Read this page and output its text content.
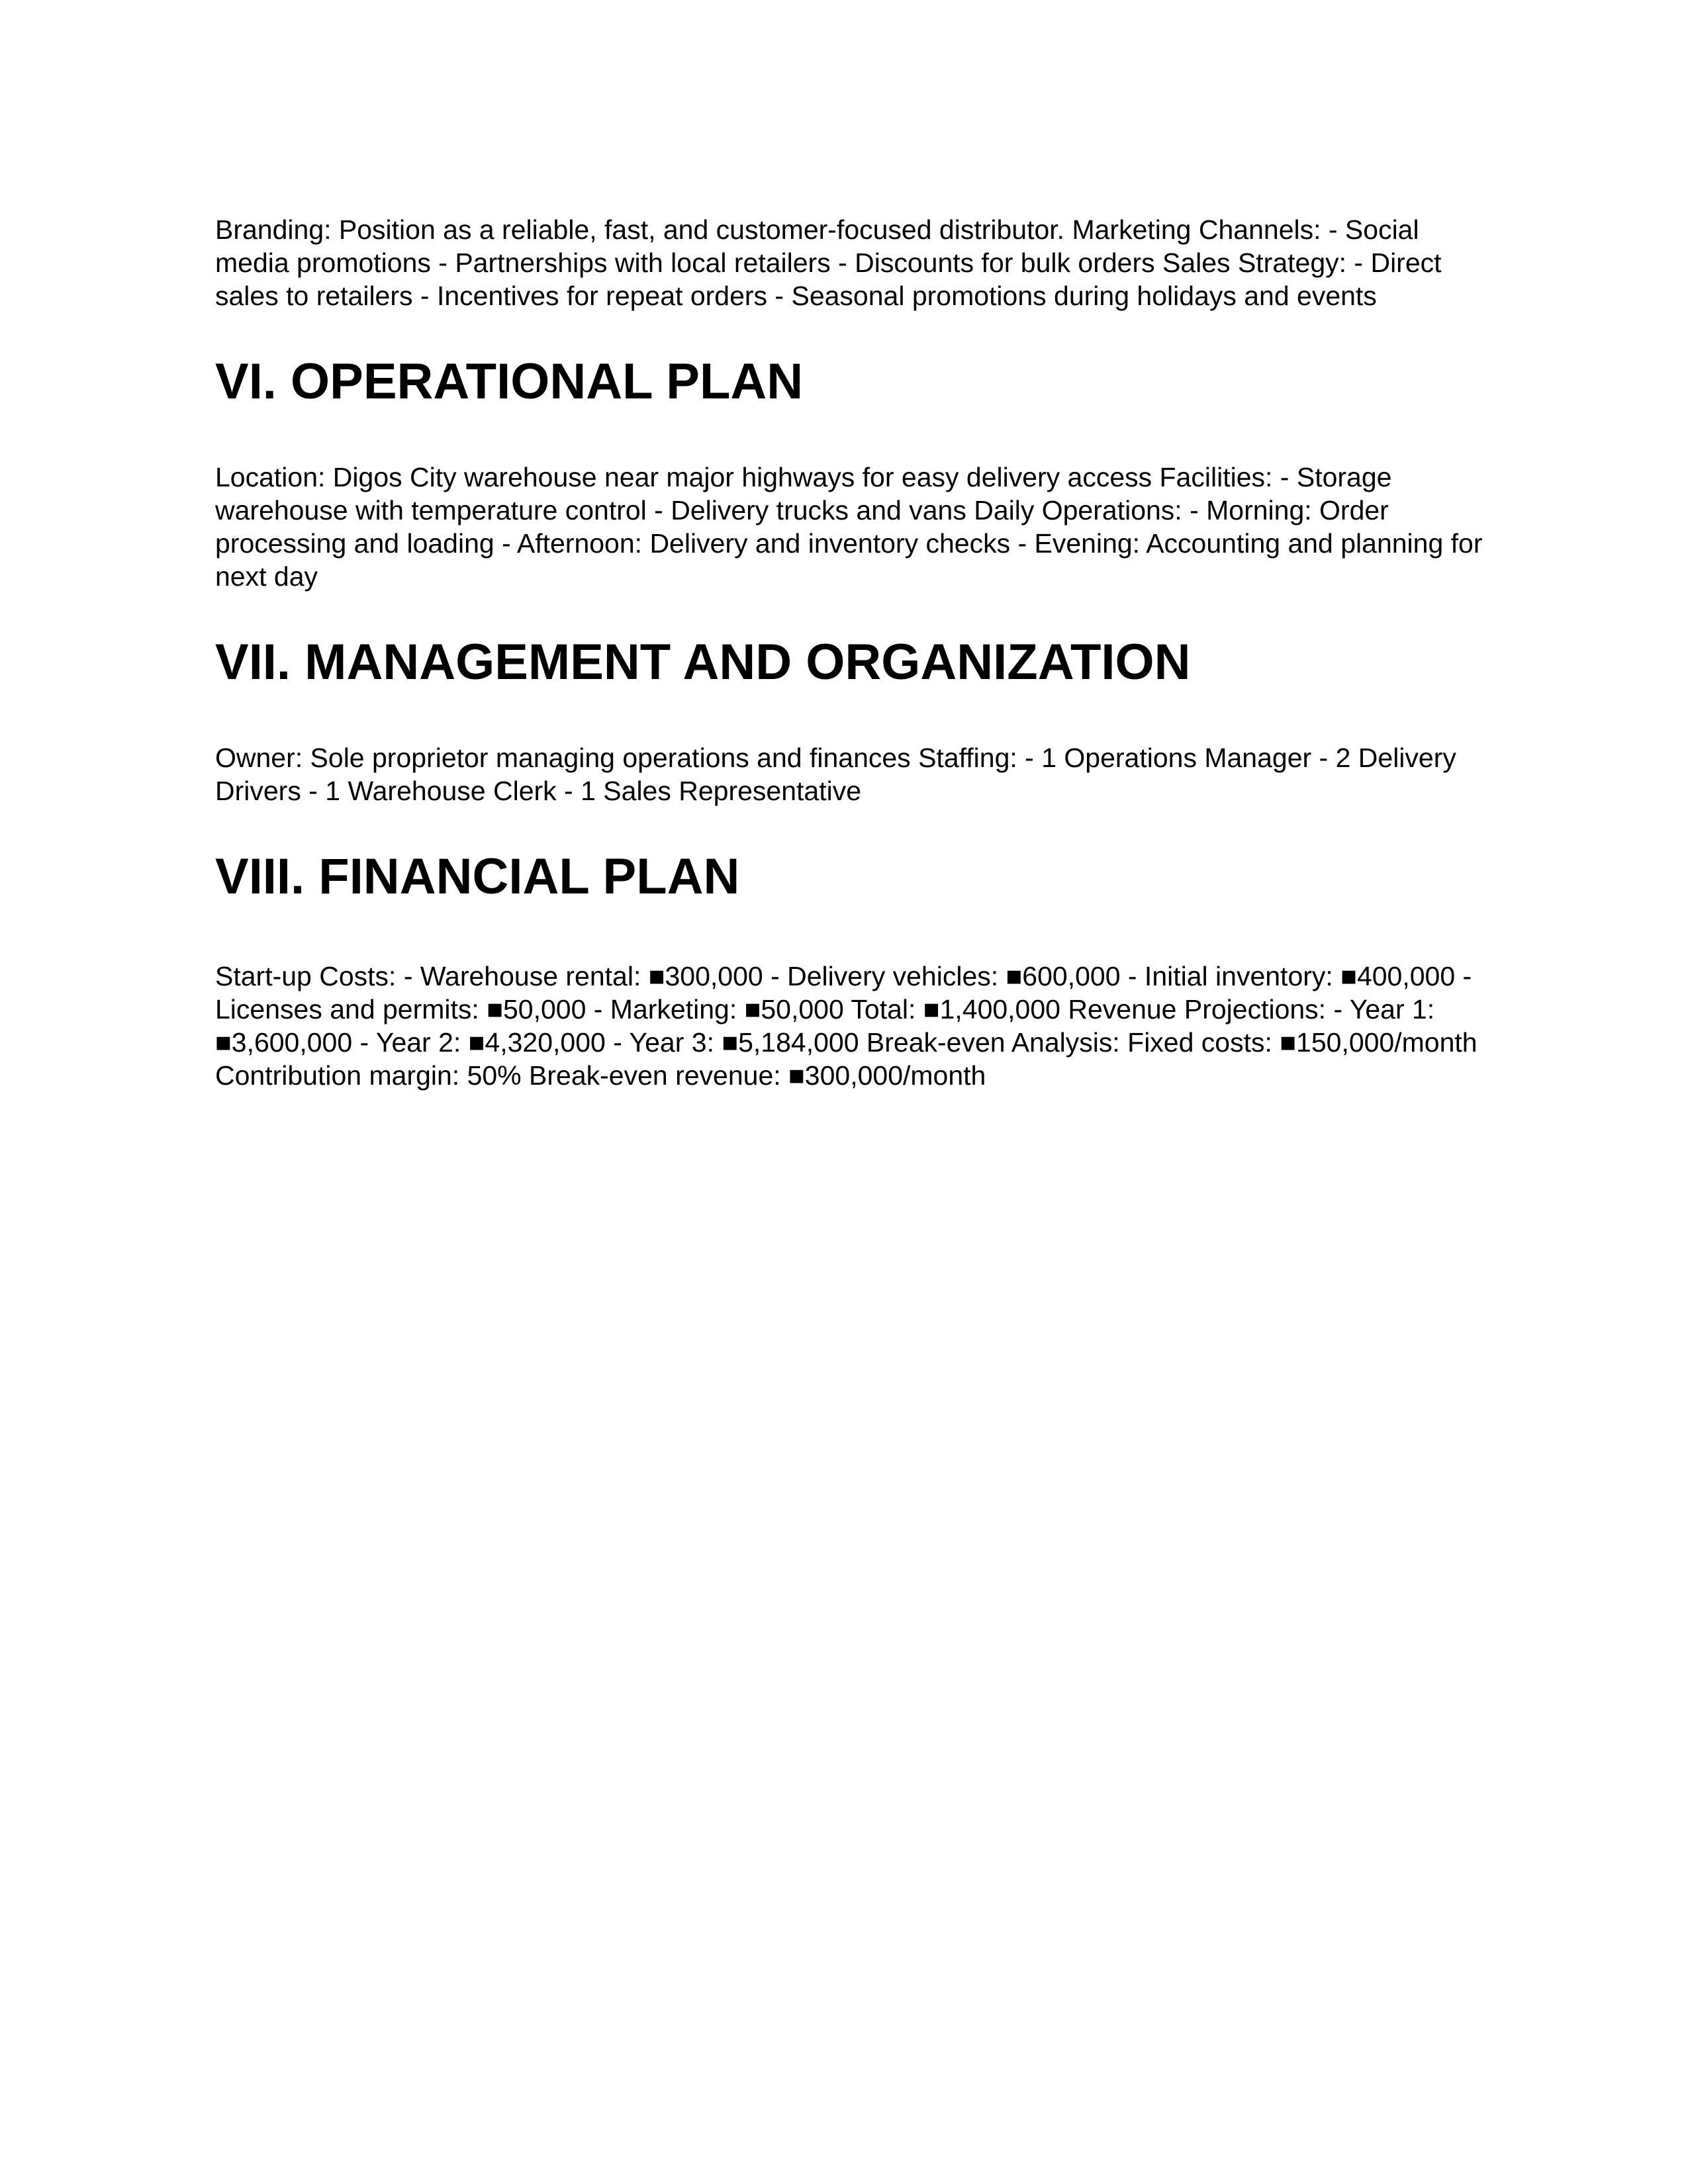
Branding: Position as a reliable, fast, and customer-focused distributor. Marketing Channels: - Social media promotions - Partnerships with local retailers - Discounts for bulk orders Sales Strategy: - Direct sales to retailers - Incentives for repeat orders - Seasonal promotions during holidays and events

VI. OPERATIONAL PLAN

Location: Digos City warehouse near major highways for easy delivery access Facilities: - Storage warehouse with temperature control - Delivery trucks and vans Daily Operations: - Morning: Order processing and loading - Afternoon: Delivery and inventory checks - Evening: Accounting and planning for next day

VII. MANAGEMENT AND ORGANIZATION

Owner: Sole proprietor managing operations and finances Staffing: - 1 Operations Manager - 2 Delivery Drivers - 1 Warehouse Clerk - 1 Sales Representative

VIII. FINANCIAL PLAN

Start-up Costs: - Warehouse rental: ■300,000 - Delivery vehicles: ■600,000 - Initial inventory: ■400,000 - Licenses and permits: ■50,000 - Marketing: ■50,000 Total: ■1,400,000 Revenue Projections: - Year 1: ■3,600,000 - Year 2: ■4,320,000 - Year 3: ■5,184,000 Break-even Analysis: Fixed costs: ■150,000/month Contribution margin: 50% Break-even revenue: ■300,000/month
